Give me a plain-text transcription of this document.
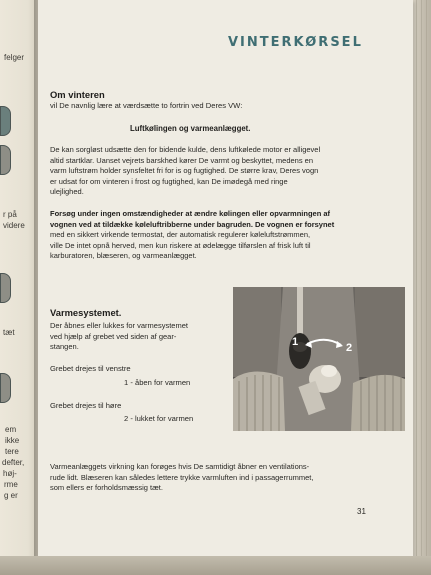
felger
r på
videre
tæt
em
ikke
tere
defter,
høj-
rme
g er
VINTERKØRSEL
Om vinteren
vil De navnlig lære at værdsætte to fortrin ved Deres VW:
Luftkølingen og varmeanlægget.
De kan sorgløst udsætte den for bidende kulde, dens luftkølede motor er alligevel
altid startklar. Uanset vejrets barskhed kører De varmt og beskyttet, medens en
varm luftstrøm holder synsfeltet fri for is og fugtighed. De større krav, Deres vogn
er udsat for om vinteren i frost og fugtighed, kan De imødegå med ringe
ulejlighed.
Forsøg under ingen omstændigheder at ændre kølingen eller opvarmningen af
vognen ved at tildække køleluftribberne under bagruden. De vognen er forsynet
med en sikkert virkende termostat, der automatisk regulerer køleluftstrømmen,
ville De intet opnå herved, men kun riskere at ødelægge tilførslen af frisk luft til
karburatoren, blæseren, og varmeanlægget.
Varmesystemet.
Der åbnes eller lukkes for varmesystemet
ved hjælp af grebet ved siden af gear-
stangen.
Grebet drejes til venstre
1 - åben for varmen
Grebet drejes til høre
2 - lukket for varmen
Varmeanlæggets virkning kan forøges hvis De samtidigt åbner en ventilations-
rude lidt. Blæseren kan således lettere trykke varmluften ind i passagerrummet,
som ellers er forholdsmæssig tæt.
31
1	2
